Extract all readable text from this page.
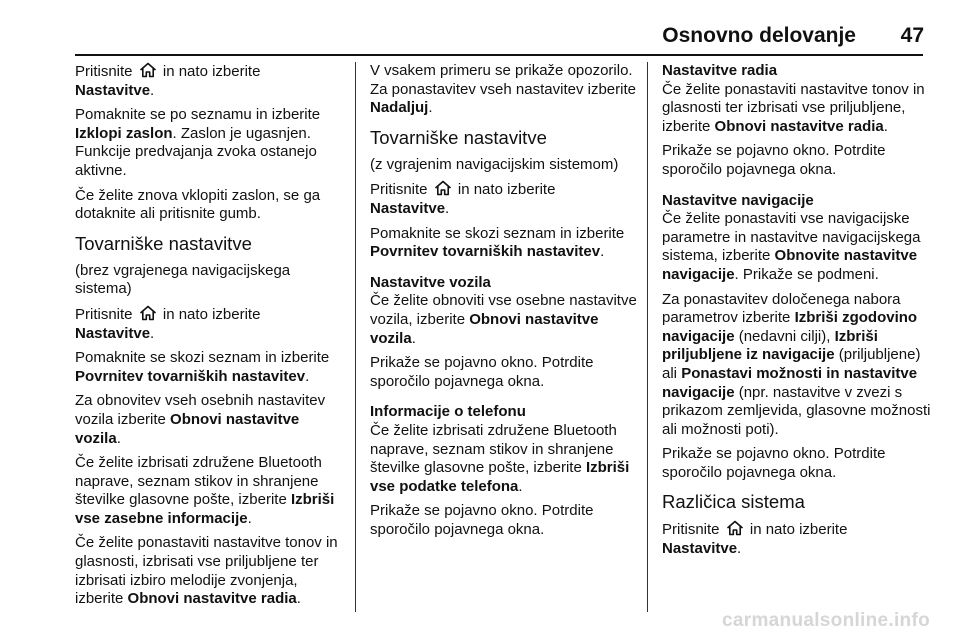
Osnovno delovanje 47

Pritisnite in nato izberite
Nastavitve.

Pomaknite se po seznamu in izberite Izklopi zaslon. Zaslon je ugasnjen. Funkcije predvajanja zvoka ostanejo aktivne.

Če želite znova vklopiti zaslon, se ga dotaknite ali pritisnite gumb.

Tovarniške nastavitve

(brez vgrajenega navigacijskega sistema)

Pritisnite in nato izberite
Nastavitve.

Pomaknite se skozi seznam in izberite Povrnitev tovarniških nastavitev.

Za obnovitev vseh osebnih nastavitev vozila izberite Obnovi nastavitve vozila.

Če želite izbrisati združene Bluetooth naprave, seznam stikov in shranjene številke glasovne pošte, izberite Izbriši vse zasebne informacije.

Če želite ponastaviti nastavitve tonov in glasnosti, izbrisati vse priljubljene ter izbrisati izbiro melodije zvonjenja, izberite Obnovi nastavitve radia.

V vsakem primeru se prikaže opozorilo. Za ponastavitev vseh nastavitev izberite Nadaljuj.

Tovarniške nastavitve

(z vgrajenim navigacijskim sistemom)

Pritisnite in nato izberite
Nastavitve.

Pomaknite se skozi seznam in izberite Povrnitev tovarniških nastavitev.

Nastavitve vozila
Če želite obnoviti vse osebne nastavitve vozila, izberite Obnovi nastavitve vozila.

Prikaže se pojavno okno. Potrdite sporočilo pojavnega okna.

Informacije o telefonu
Če želite izbrisati združene Bluetooth naprave, seznam stikov in shranjene številke glasovne pošte, izberite Izbriši vse podatke telefona.

Prikaže se pojavno okno. Potrdite sporočilo pojavnega okna.

Nastavitve radia
Če želite ponastaviti nastavitve tonov in glasnosti ter izbrisati vse priljubljene, izberite Obnovi nastavitve radia.

Prikaže se pojavno okno. Potrdite sporočilo pojavnega okna.

Nastavitve navigacije
Če želite ponastaviti vse navigacijske parametre in nastavitve navigacijskega sistema, izberite Obnovite nastavitve navigacije. Prikaže se podmeni.

Za ponastavitev določenega nabora parametrov izberite Izbriši zgodovino navigacije (nedavni cilji), Izbriši priljubljene iz navigacije (priljubljene) ali Ponastavi možnosti in nastavitve navigacije (npr. nastavitve v zvezi s prikazom zemljevida, glasovne možnosti ali možnosti poti).

Prikaže se pojavno okno. Potrdite sporočilo pojavnega okna.

Različica sistema

Pritisnite in nato izberite
Nastavitve.

carmanualsonline.info
